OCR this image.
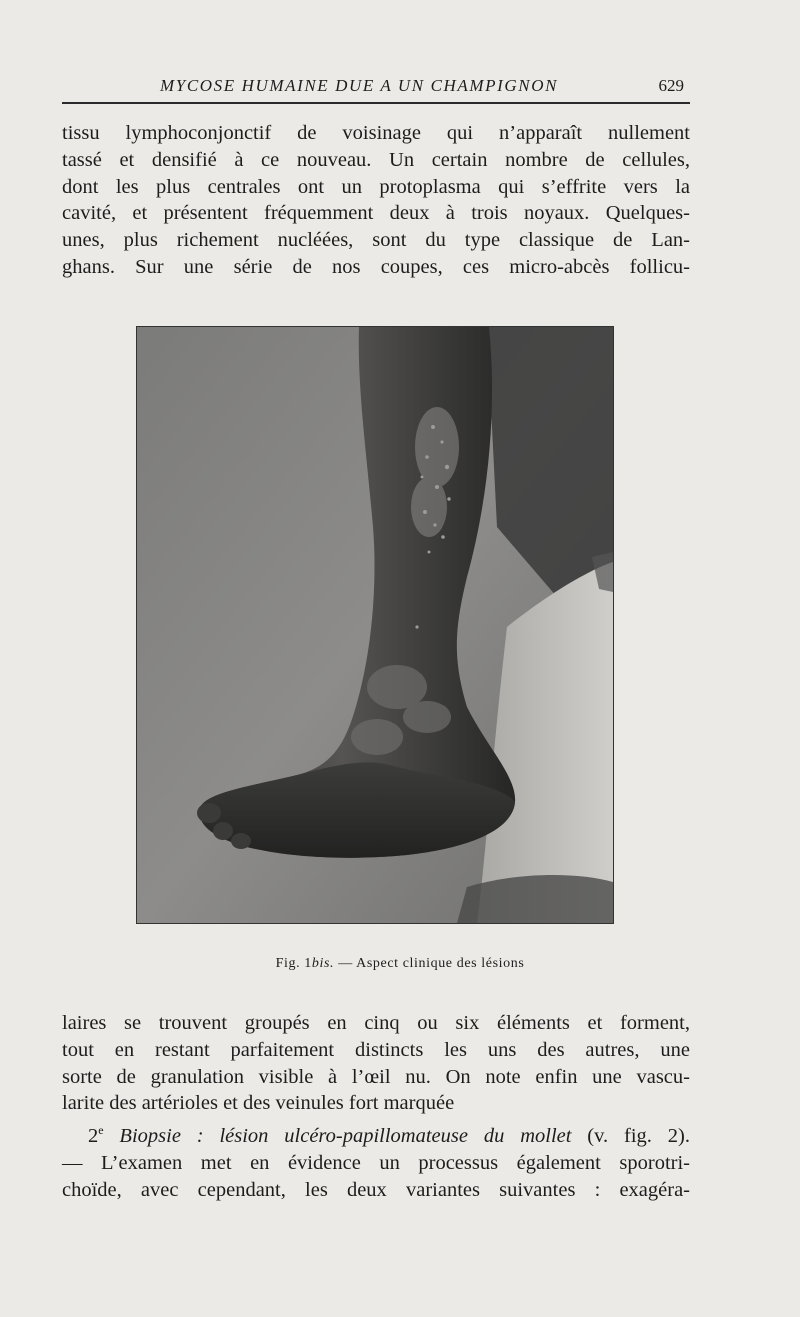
MYCOSE HUMAINE DUE A UN CHAMPIGNON	629
tissu lymphoconjonctif de voisinage qui n’apparaît nullement
tassé et densifié à ce nouveau. Un certain nombre de cellules,
dont les plus centrales ont un protoplasma qui s’effrite vers la
cavité, et présentent fréquemment deux à trois noyaux. Quelques-
unes, plus richement nucléées, sont du type classique de Lan-
ghans. Sur une série de nos coupes, ces micro-abcès follicu-
Fig. 1bis. — Aspect clinique des lésions
laires se trouvent groupés en cinq ou six éléments et forment,
tout en restant parfaitement distincts les uns des autres, une
sorte de granulation visible à l’œil nu. On note enfin une vascu-
larite des artérioles et des veinules fort marquée
2e Biopsie : lésion ulcéro-papillomateuse du mollet (v. fig. 2).
— L’examen met en évidence un processus également sporotri-
choïde, avec cependant, les deux variantes suivantes : exagéra-
